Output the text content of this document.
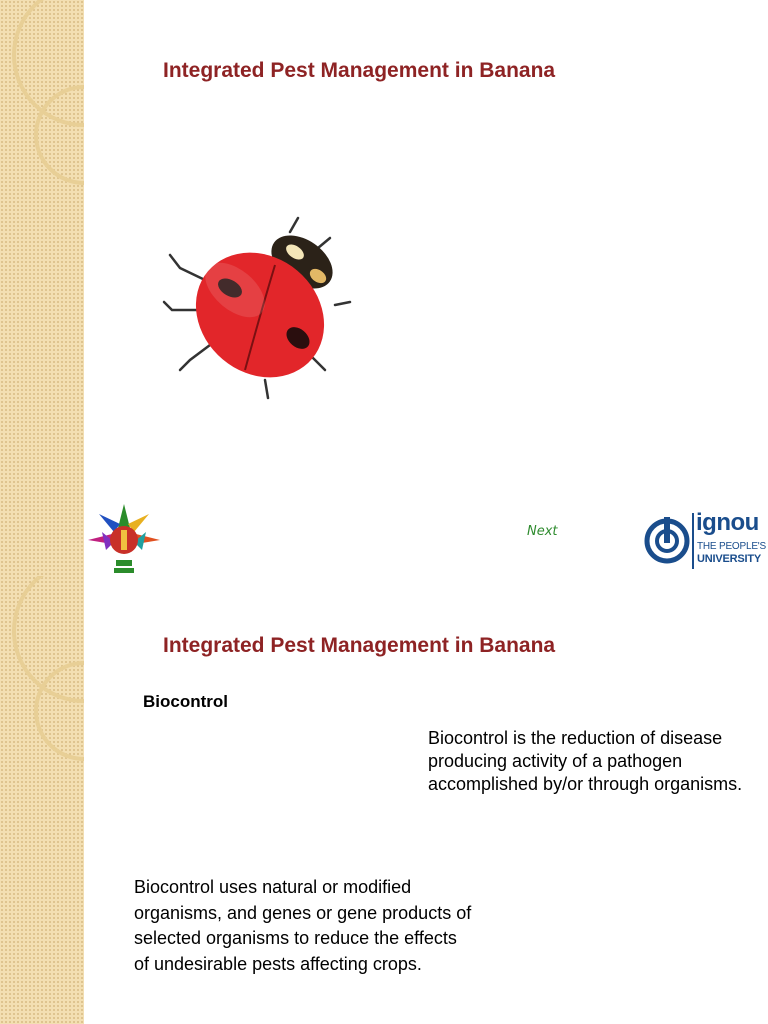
Integrated Pest Management in Banana
Next	ignou
THE PEOPLE'S
UNIVERSITY
Integrated Pest Management in Banana
Biocontrol
Biocontrol is the reduction of disease producing activity of a pathogen accomplished by/or through organisms.
Biocontrol uses natural or modified organisms, and genes or gene products of selected organisms to reduce the effects of undesirable pests affecting crops.
